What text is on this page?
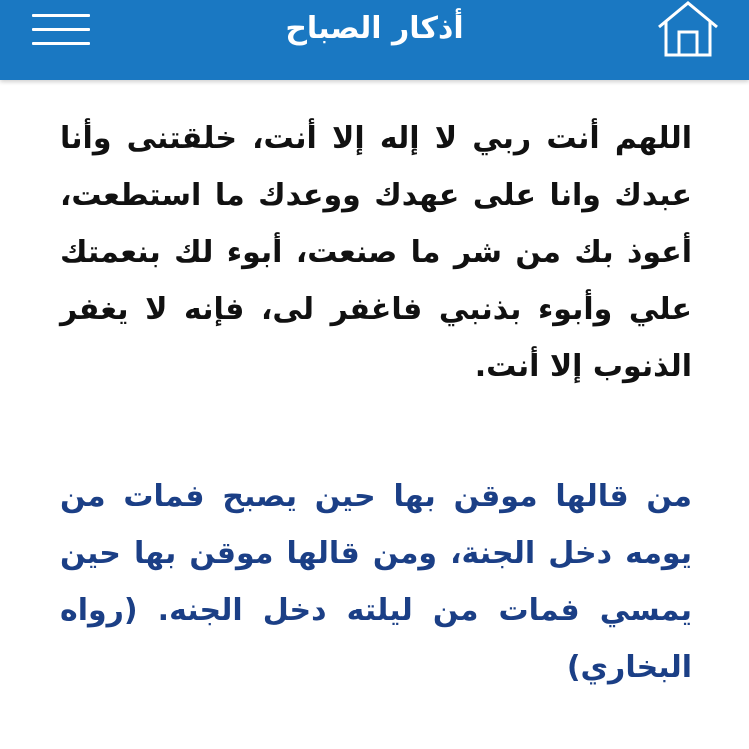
أذكار الصباح

اللهم أنت ربي لا إله إلا أنت، خلقتنى وأنا عبدك وانا على عهدك ووعدك ما استطعت، أعوذ بك من شر ما صنعت، أبوء لك بنعمتك علي وأبوء بذنبي فاغفر لى، فإنه لا يغفر الذنوب إلا أنت.

من قالها موقن بها حين يصبح فمات من يومه دخل الجنة، ومن قالها موقن بها حين يمسي فمات من ليلته دخل الجنه. (رواه البخاري)
